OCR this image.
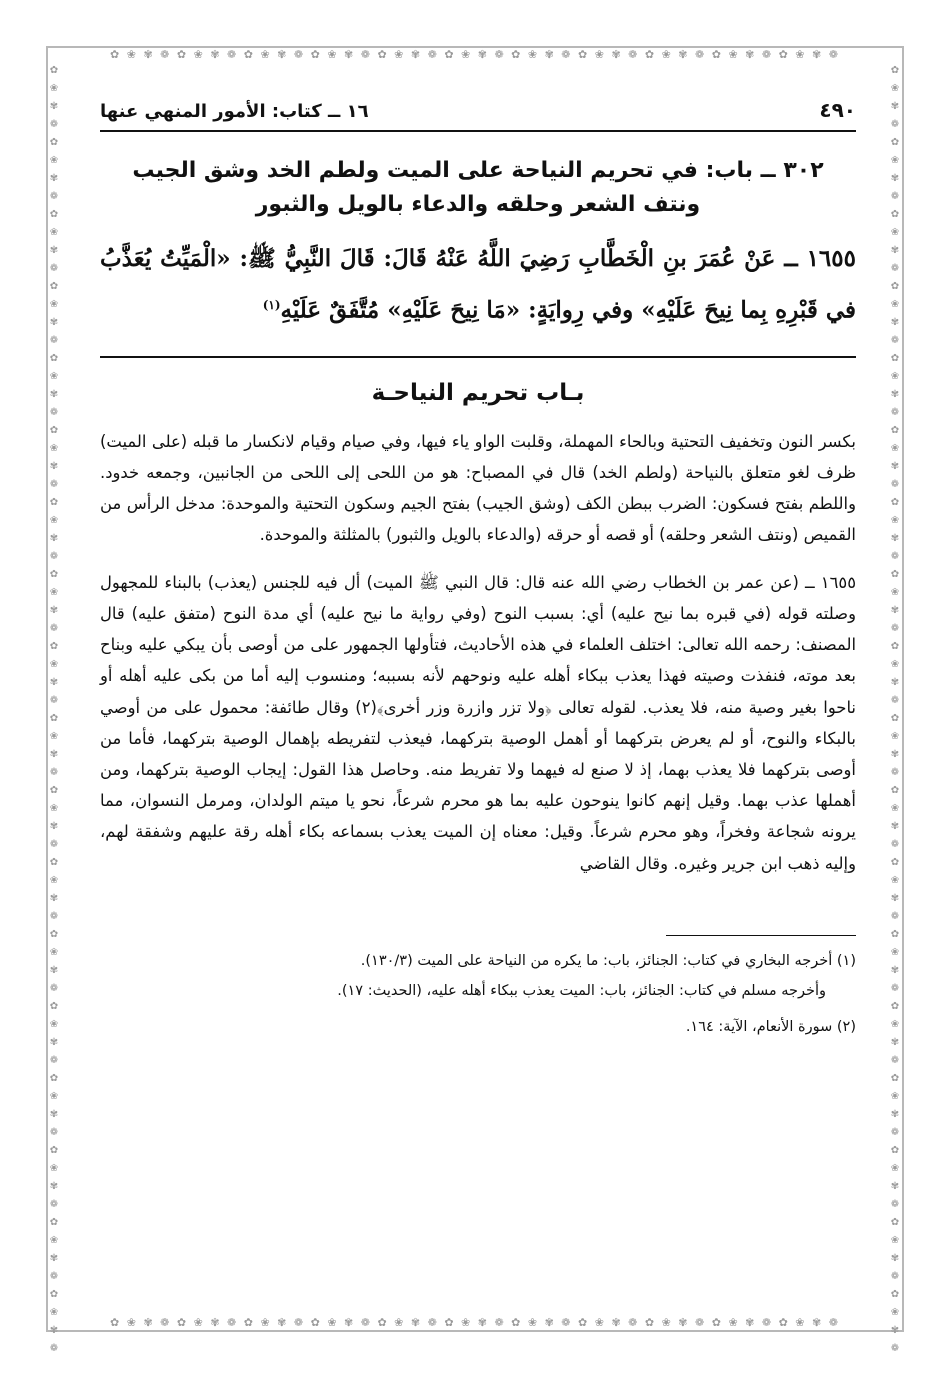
✿ ❀ ✾ ❁ ✿ ❀ ✾ ❁ ✿ ❀ ✾ ❁ ✿ ❀ ✾ ❁ ✿ ❀ ✾ ❁ ✿ ❀ ✾ ❁ ✿ ❀ ✾ ❁ ✿ ❀ ✾ ❁ ✿ ❀ ✾ ❁ ✿ ❀ ✾ ❁ ✿ ❀ ✾ ❁
✿ ❀ ✾ ❁ ✿ ❀ ✾ ❁ ✿ ❀ ✾ ❁ ✿ ❀ ✾ ❁ ✿ ❀ ✾ ❁ ✿ ❀ ✾ ❁ ✿ ❀ ✾ ❁ ✿ ❀ ✾ ❁ ✿ ❀ ✾ ❁ ✿ ❀ ✾ ❁ ✿ ❀ ✾ ❁
✿❀✾❁✿❀✾❁✿❀✾❁✿❀✾❁✿❀✾❁✿❀✾❁✿❀✾❁✿❀✾❁✿❀✾❁✿❀✾❁✿❀✾❁✿❀✾❁✿❀✾❁✿❀✾❁✿❀✾❁✿❀✾❁✿❀✾❁✿❀✾❁
✿❀✾❁✿❀✾❁✿❀✾❁✿❀✾❁✿❀✾❁✿❀✾❁✿❀✾❁✿❀✾❁✿❀✾❁✿❀✾❁✿❀✾❁✿❀✾❁✿❀✾❁✿❀✾❁✿❀✾❁✿❀✾❁✿❀✾❁✿❀✾❁
٤٩٠
١٦ ــ كتاب: الأمور المنهي عنها
٣٠٢ ــ باب: في تحريم النياحة على الميت ولطم الخد وشق الجيب
ونتف الشعر وحلقه والدعاء بالويل والثبور
١٦٥٥ ــ عَنْ عُمَرَ بنِ الْخَطَّابِ رَضِيَ اللَّهُ عَنْهُ قَالَ: قَالَ النَّبِيُّ ﷺ: «الْمَيِّتُ يُعَذَّبُ في قَبْرِهِ بِما نِيحَ عَلَيْهِ» وفي رِوايَةٍ: «مَا نِيحَ عَلَيْهِ» مُتَّفَقٌ عَلَيْهِ$^{(١)}$
بـاب تحريم النياحـة

بكسر النون وتخفيف التحتية وبالحاء المهملة، وقلبت الواو ياء فيها، وفي صيام وقيام لانكسار ما قبله (على الميت) ظرف لغو متعلق بالنياحة (ولطم الخد) قال في المصباح: هو من اللحى إلى اللحى من الجانبين، وجمعه خدود. واللطم بفتح فسكون: الضرب ببطن الكف (وشق الجيب) بفتح الجيم وسكون التحتية والموحدة: مدخل الرأس من القميص (ونتف الشعر وحلقه) أو قصه أو حرقه (والدعاء بالويل والثبور) بالمثلثة والموحدة.

١٦٥٥ ــ (عن عمر بن الخطاب رضي الله عنه قال: قال النبي ﷺ الميت) أل فيه للجنس (يعذب) بالبناء للمجهول وصلته قوله (في قبره بما نيح عليه) أي: بسبب النوح (وفي رواية ما نيح عليه) أي مدة النوح (متفق عليه) قال المصنف: رحمه الله تعالى: اختلف العلماء في هذه الأحاديث، فتأولها الجمهور على من أوصى بأن يبكي عليه وبناح بعد موته، فنفذت وصيته فهذا يعذب ببكاء أهله عليه ونوحهم لأنه بسببه؛ ومنسوب إليه أما من بكى عليه أهله أو ناحوا بغير وصية منه، فلا يعذب. لقوله تعالى ﴿ولا تزر وازرة وزر أخرى﴾(٢) وقال طائفة: محمول على من أوصي بالبكاء والنوح، أو لم يعرض بتركهما أو أهمل الوصية بتركهما، فيعذب لتفريطه بإهمال الوصية بتركهما، فأما من أوصى بتركهما فلا يعذب بهما، إذ لا صنع له فيهما ولا تفريط منه. وحاصل هذا القول: إيجاب الوصية بتركهما، ومن أهملها عذب بهما. وقيل إنهم كانوا ينوحون عليه بما هو محرم شرعاً، نحو يا ميتم الولدان، ومرمل النسوان، مما يرونه شجاعة وفخراً، وهو محرم شرعاً. وقيل: معناه إن الميت يعذب بسماعه بكاء أهله رقة عليهم وشفقة لهم، وإليه ذهب ابن جرير وغيره. وقال القاضي

(١) أخرجه البخاري في كتاب: الجنائز، باب: ما يكره من النياحة على الميت (١٣٠/٣).

وأخرجه مسلم في كتاب: الجنائز، باب: الميت يعذب ببكاء أهله عليه، (الحديث: ١٧).

(٢) سورة الأنعام، الآية: ١٦٤.
